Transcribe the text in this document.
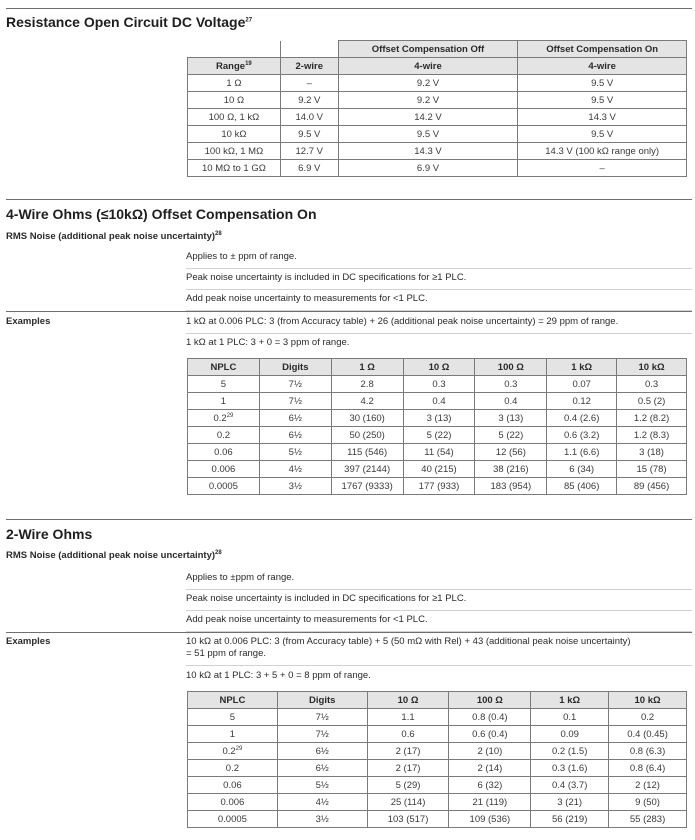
Resistance Open Circuit DC Voltage$^{27}$
		Offset Compensation Off	Offset Compensation On
Range$^{19}$	2-wire	4-wire	4-wire
1 Ω	–	9.2 V	9.5 V
10 Ω	9.2 V	9.2 V	9.5 V
100 Ω, 1 kΩ	14.0 V	14.2 V	14.3 V
10 kΩ	9.5 V	9.5 V	9.5 V
100 kΩ, 1 MΩ	12.7 V	14.3 V	14.3 V (100 kΩ range only)
10 MΩ to 1 GΩ	6.9 V	6.9 V	–
4-Wire Ohms (≤10kΩ) Offset Compensation On
RMS Noise (additional peak noise uncertainty)$^{28}$
Applies to ± ppm of range.
Peak noise uncertainty is included in DC specifications for ≥1 PLC.
Add peak noise uncertainty to measurements for <1 PLC.
Examples	1 kΩ at 0.006 PLC: 3 (from Accuracy table) + 26 (additional peak noise uncertainty) = 29 ppm of range.
1 kΩ at 1 PLC: 3 + 0 = 3 ppm of range.
NPLC	Digits	1 Ω	10 Ω	100 Ω	1 kΩ	10 kΩ
5	7½	2.8	0.3	0.3	0.07	0.3
1	7½	4.2	0.4	0.4	0.12	0.5 (2)
$0.2^{29}$	6½	30 (160)	3 (13)	3 (13)	0.4 (2.6)	1.2 (8.2)
0.2	6½	50 (250)	5 (22)	5 (22)	0.6 (3.2)	1.2 (8.3)
0.06	5½	115 (546)	11 (54)	12 (56)	1.1 (6.6)	3 (18)
0.006	4½	397 (2144)	40 (215)	38 (216)	6 (34)	15 (78)
0.0005	3½	1767 (9333)	177 (933)	183 (954)	85 (406)	89 (456)
2-Wire Ohms
RMS Noise (additional peak noise uncertainty)$^{28}$
Applies to ±ppm of range.
Peak noise uncertainty is included in DC specifications for ≥1 PLC.
Add peak noise uncertainty to measurements for <1 PLC.
Examples	10 kΩ at 0.006 PLC: 3 (from Accuracy table) + 5 (50 mΩ with Rel) + 43 (additional peak noise uncertainty)
= 51 ppm of range.
10 kΩ at 1 PLC: 3 + 5 + 0 = 8 ppm of range.
NPLC	Digits	10 Ω	100 Ω	1 kΩ	10 kΩ
5	7½	1.1	0.8 (0.4)	0.1	0.2
1	7½	0.6	0.6 (0.4)	0.09	0.4 (0.45)
$0.2^{29}$	6½	2 (17)	2 (10)	0.2 (1.5)	0.8 (6.3)
0.2	6½	2 (17)	2 (14)	0.3 (1.6)	0.8 (6.4)
0.06	5½	5 (29)	6 (32)	0.4 (3.7)	2 (12)
0.006	4½	25 (114)	21 (119)	3 (21)	9 (50)
0.0005	3½	103 (517)	109 (536)	56 (219)	55 (283)
